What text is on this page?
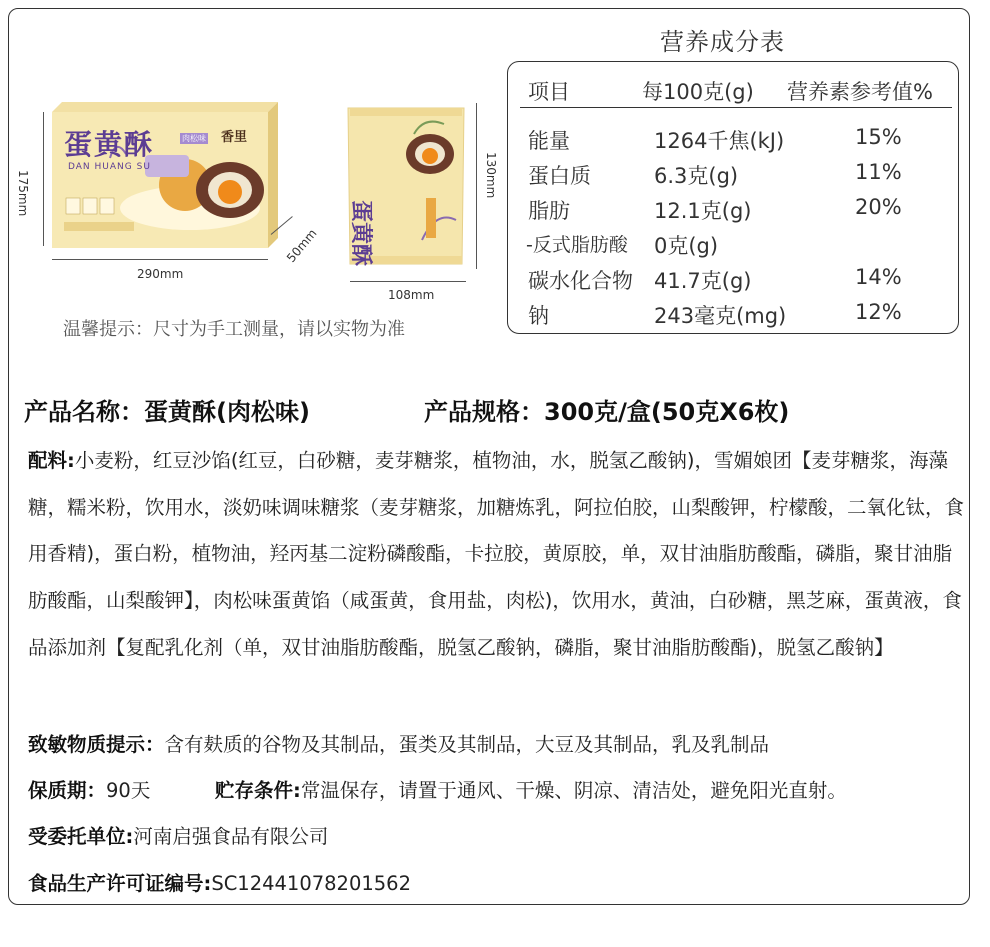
蛋黄酥
DAN HUANG SU
香里
肉松味
175mm
290mm
50mm 蛋黄酥
130mm
108mm
温馨提示：尺寸为手工测量，请以实物为准
营养成分表
项目	每100克(g) 营养素参考值%
能量	1264千焦(kJ)	15%
蛋白质	6.3克(g)	11%
脂肪	12.1克(g)	20%
-反式脂肪酸 0克(g)
碳水化合物 41.7克(g)	14%
钠	243毫克(mg)	12%
产品名称：蛋黄酥(肉松味)	产品规格：300克/盒(50克X6枚)
配料:小麦粉，红豆沙馅(红豆，白砂糖，麦芽糖浆，植物油，水，脱氢乙酸钠)，雪媚娘团【麦芽糖浆，海藻糖，糯米粉，饮用水，淡奶味调味糖浆（麦芽糖浆，加糖炼乳，阿拉伯胶，山梨酸钾，柠檬酸，二氧化钛，食用香精)，蛋白粉，植物油，羟丙基二淀粉磷酸酯，卡拉胶，黄原胶，单，双甘油脂肪酸酯，磷脂，聚甘油脂肪酸酯，山梨酸钾】，肉松味蛋黄馅（咸蛋黄，食用盐，肉松)，饮用水，黄油，白砂糖，黑芝麻，蛋黄液，食品添加剂【复配乳化剂（单，双甘油脂肪酸酯，脱氢乙酸钠，磷脂，聚甘油脂肪酸酯)，脱氢乙酸钠】
致敏物质提示：含有麸质的谷物及其制品，蛋类及其制品，大豆及其制品，乳及乳制品
保质期：90天	贮存条件:常温保存，请置于通风、干燥、阴凉、清洁处，避免阳光直射。
受委托单位:河南启强食品有限公司
食品生产许可证编号:SC12441078201562
